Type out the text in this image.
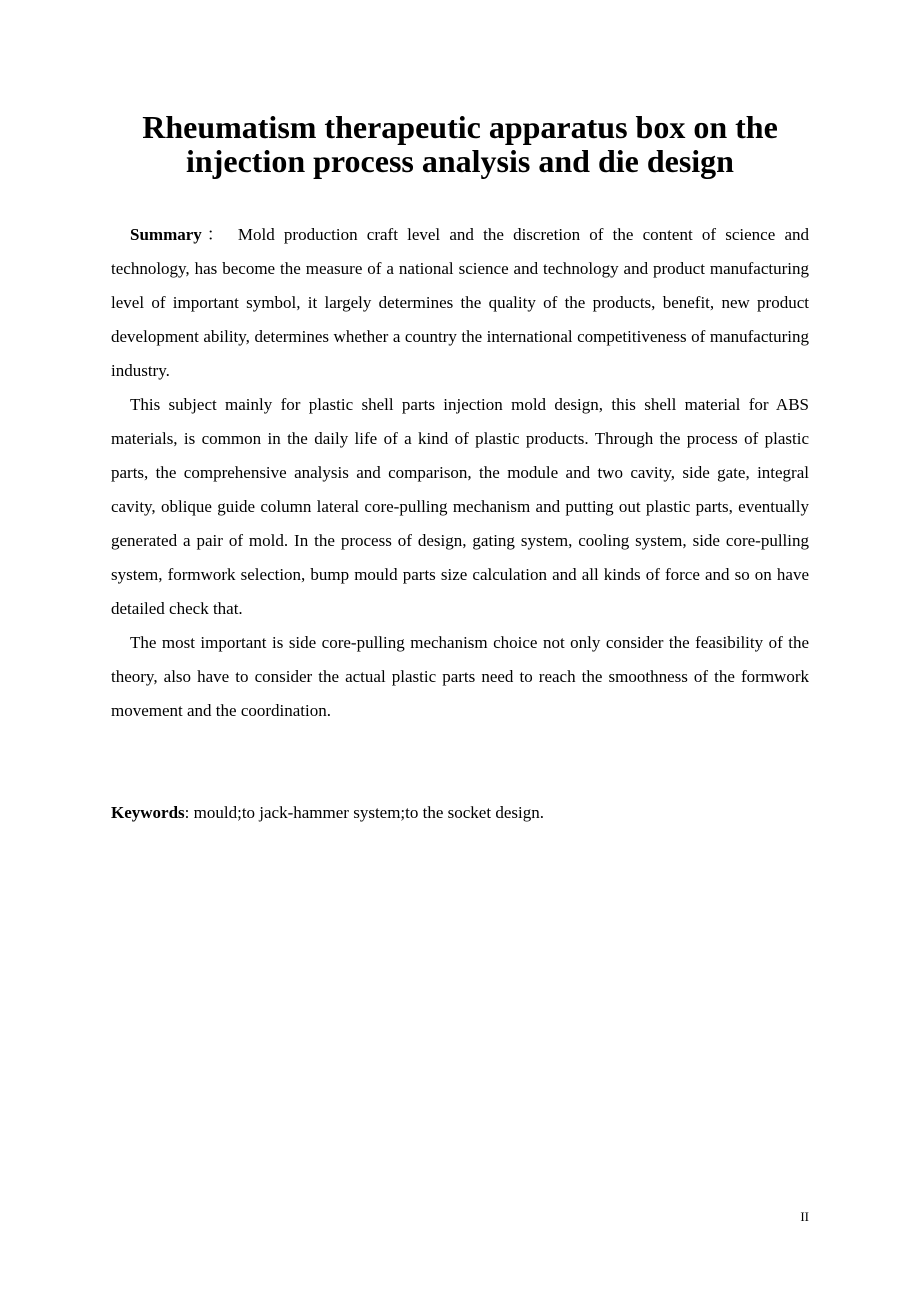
Rheumatism therapeutic apparatus box on the
injection process analysis and die design

Summary： Mold production craft level and the discretion of the content of science and technology, has become the measure of a national science and technology and product manufacturing level of important symbol, it largely determines the quality of the products, benefit, new product development ability, determines whether a country the international competitiveness of manufacturing industry.

This subject mainly for plastic shell parts injection mold design, this shell material for ABS materials, is common in the daily life of a kind of plastic products. Through the process of plastic parts, the comprehensive analysis and comparison, the module and two cavity, side gate, integral cavity, oblique guide column lateral core-pulling mechanism and putting out plastic parts, eventually generated a pair of mold. In the process of design, gating system, cooling system, side core-pulling system, formwork selection, bump mould parts size calculation and all kinds of force and so on have detailed check that.

The most important is side core-pulling mechanism choice not only consider the feasibility of the theory, also have to consider the actual plastic parts need to reach the smoothness of the formwork movement and the coordination.

Keywords: mould;to jack-hammer system;to the socket design.

II
